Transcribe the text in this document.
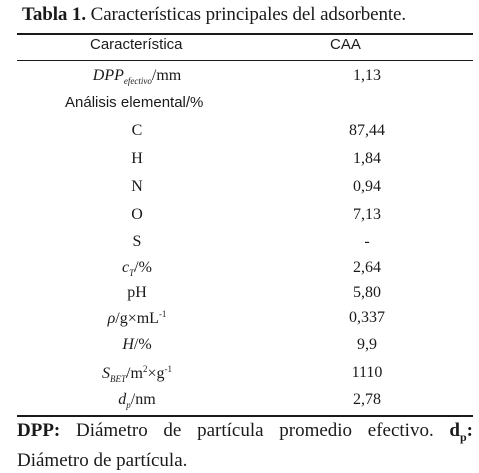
Tabla 1. Características principales del adsorbente.
Característica	CAA
$DPP_{efectivo}/mm$	1,13
Análisis elemental/%
C	87,44
H	1,84
N	0,94
O	7,13
S	-
$c_T/\%$	2,64
pH	5,80
$\rho/g\times mL^{-1}$	0,337
H/%	9,9
$S_{BET}/m^2\times g^{-1}$	1110
$d_p/nm$	2,78
DPP: Diámetro de partícula promedio efectivo. $d_p$: Diámetro de partícula.
